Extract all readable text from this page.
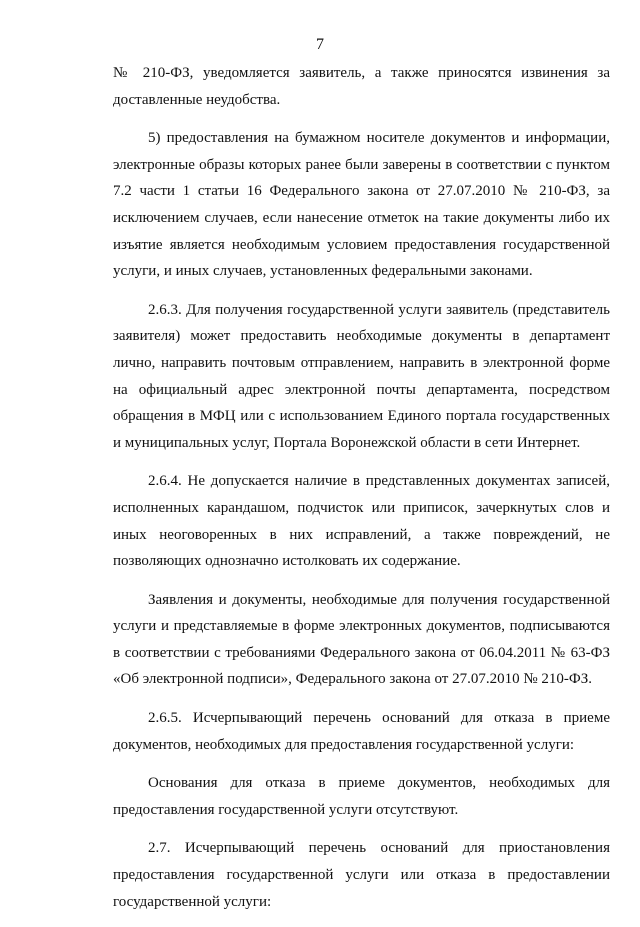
7

№ 210-ФЗ, уведомляется заявитель, а также приносятся извинения за доставленные неудобства.

5) предоставления на бумажном носителе документов и информации, электронные образы которых ранее были заверены в соответствии с пунктом 7.2 части 1 статьи 16 Федерального закона от 27.07.2010 № 210-ФЗ, за исключением случаев, если нанесение отметок на такие документы либо их изъятие является необходимым условием предоставления государственной услуги, и иных случаев, установленных федеральными законами.

2.6.3. Для получения государственной услуги заявитель (представитель заявителя) может предоставить необходимые документы в департамент лично, направить почтовым отправлением, направить в электронной форме на официальный адрес электронной почты департамента, посредством обращения в МФЦ или с использованием Единого портала государственных и муниципальных услуг, Портала Воронежской области в сети Интернет.

2.6.4. Не допускается наличие в представленных документах записей, исполненных карандашом, подчисток или приписок, зачеркнутых слов и иных неоговоренных в них исправлений, а также повреждений, не позволяющих однозначно истолковать их содержание.

Заявления и документы, необходимые для получения государственной услуги и представляемые в форме электронных документов, подписываются в соответствии с требованиями Федерального закона от 06.04.2011 № 63-ФЗ «Об электронной подписи», Федерального закона от 27.07.2010 № 210-ФЗ.

2.6.5. Исчерпывающий перечень оснований для отказа в приеме документов, необходимых для предоставления государственной услуги:

Основания для отказа в приеме документов, необходимых для предоставления государственной услуги отсутствуют.

2.7. Исчерпывающий перечень оснований для приостановления предоставления государственной услуги или отказа в предоставлении государственной услуги:
